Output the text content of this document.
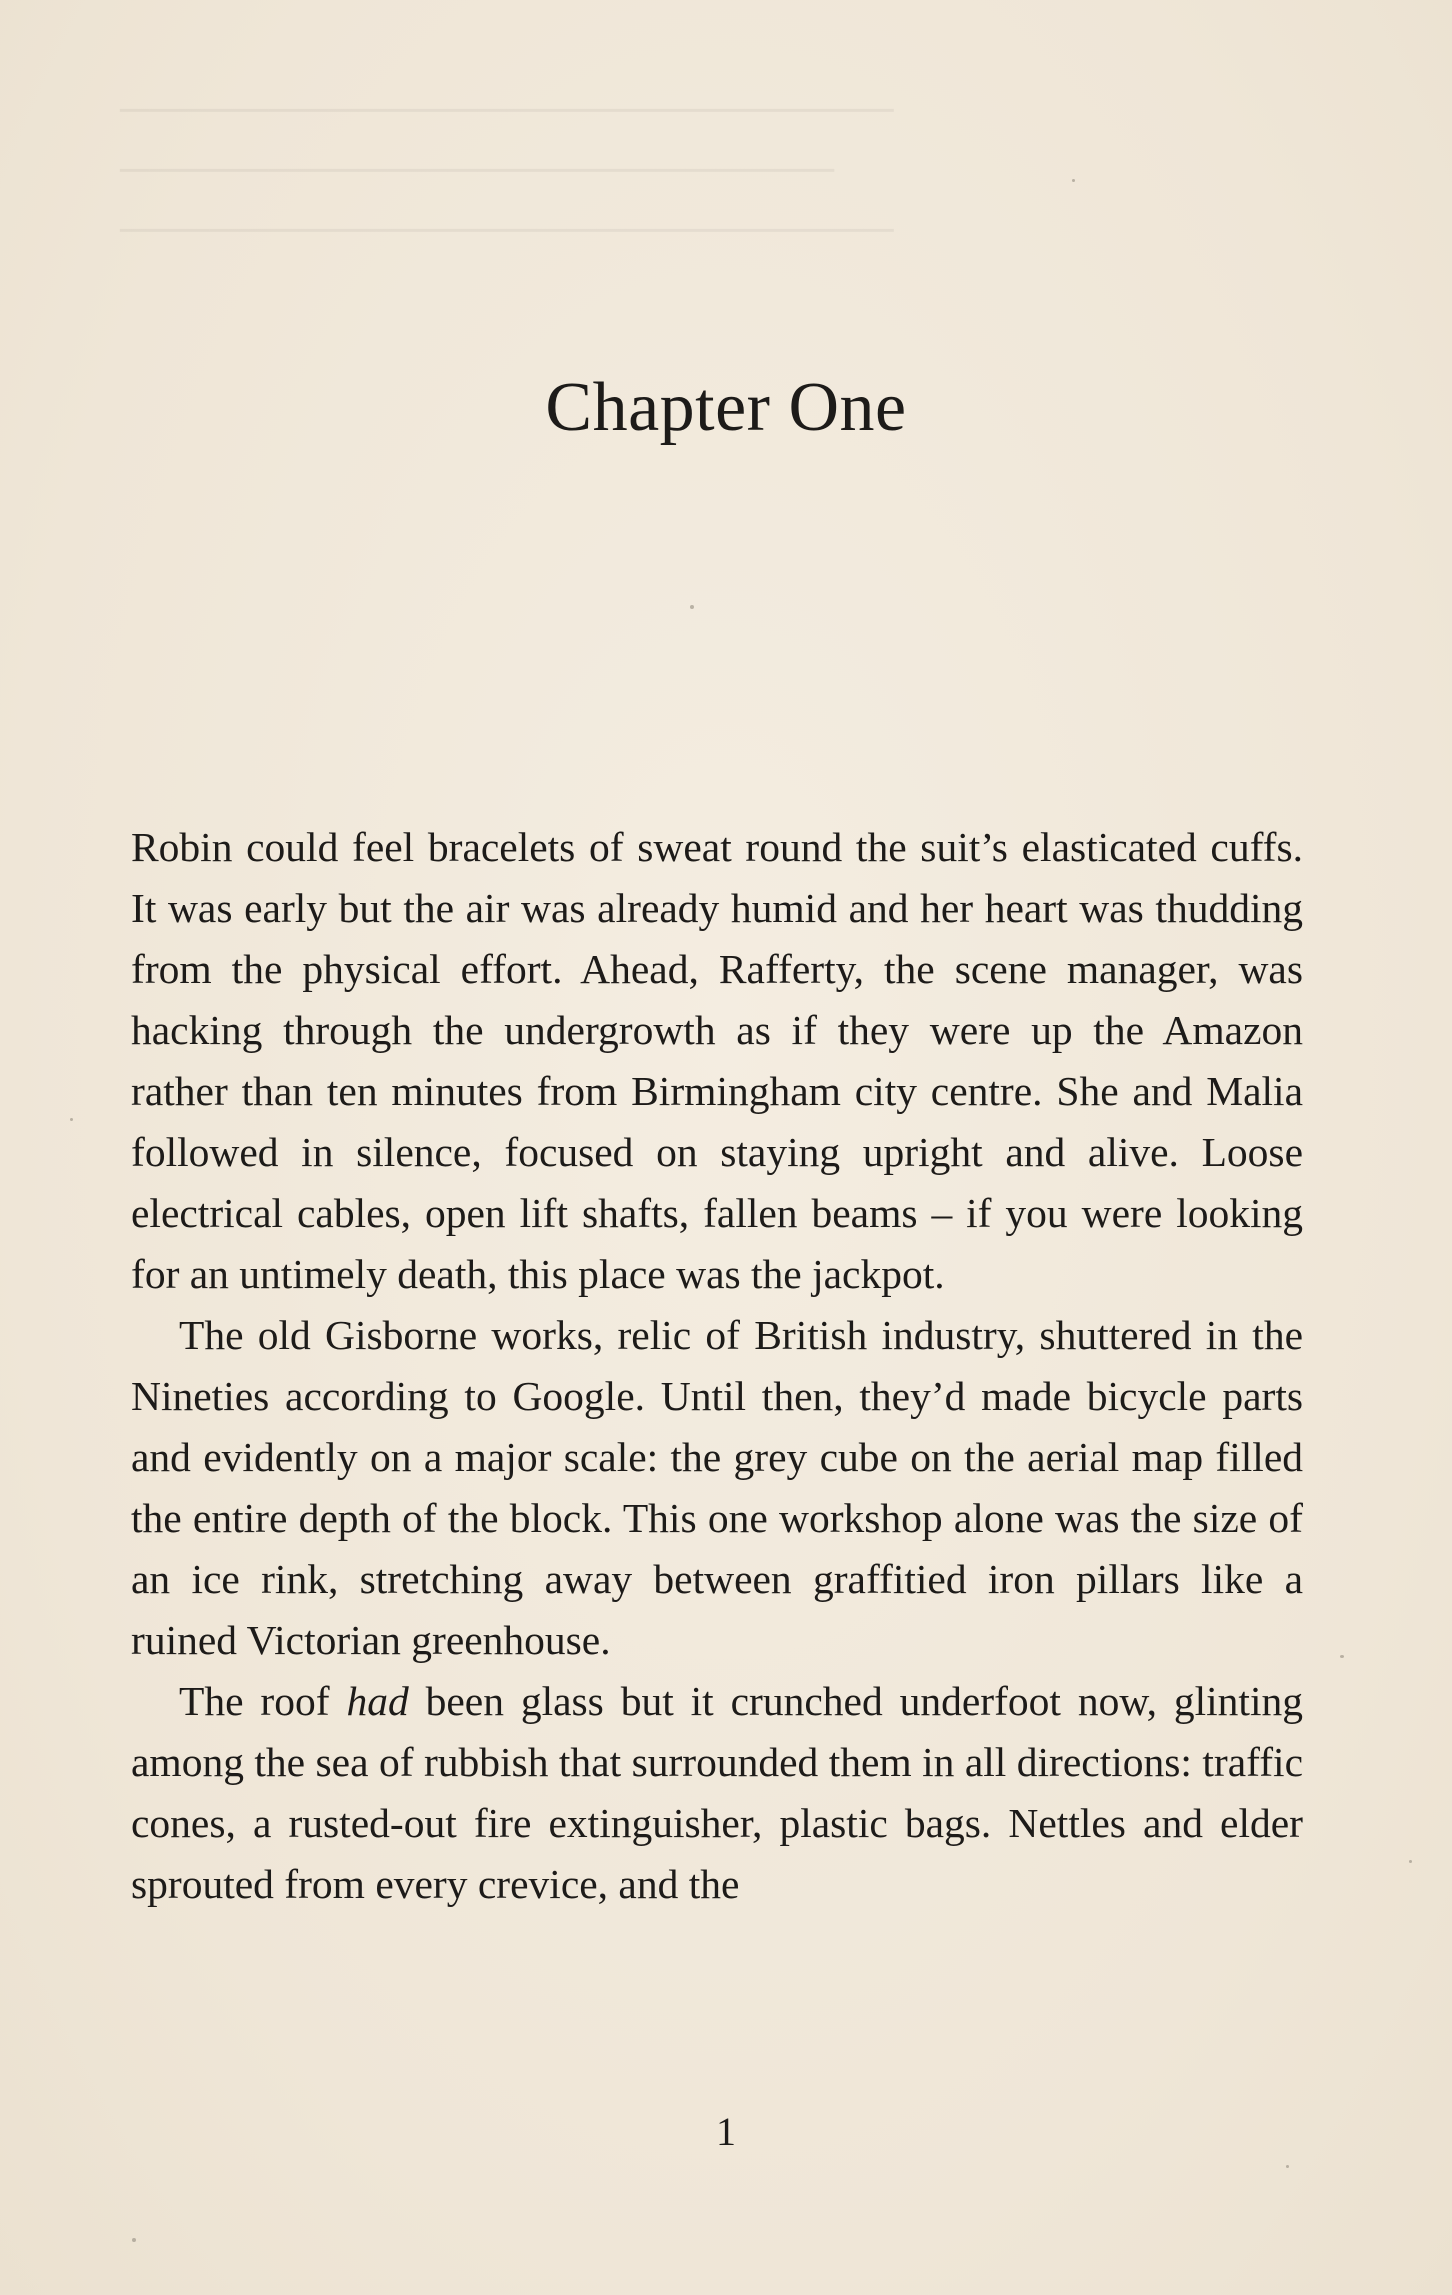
──────────────────────────
────────────────────────
──────────────────────────
Chapter One

Robin could feel bracelets of sweat round the suit’s elasticated cuffs. It was early but the air was already humid and her heart was thudding from the physical effort. Ahead, Rafferty, the scene manager, was hacking through the undergrowth as if they were up the Amazon rather than ten minutes from Birmingham city centre. She and Malia followed in silence, focused on staying upright and alive. Loose electrical cables, open lift shafts, fallen beams – if you were looking for an untimely death, this place was the jackpot.

The old Gisborne works, relic of British industry, shuttered in the Nineties according to Google. Until then, they’d made bicycle parts and evidently on a major scale: the grey cube on the aerial map filled the entire depth of the block. This one workshop alone was the size of an ice rink, stretching away between graffitied iron pillars like a ruined Victorian greenhouse.

The roof had been glass but it crunched underfoot now, glinting among the sea of rubbish that surrounded them in all directions: traffic cones, a rusted-out fire extinguisher, plastic bags. Nettles and elder sprouted from every crevice, and the

1
